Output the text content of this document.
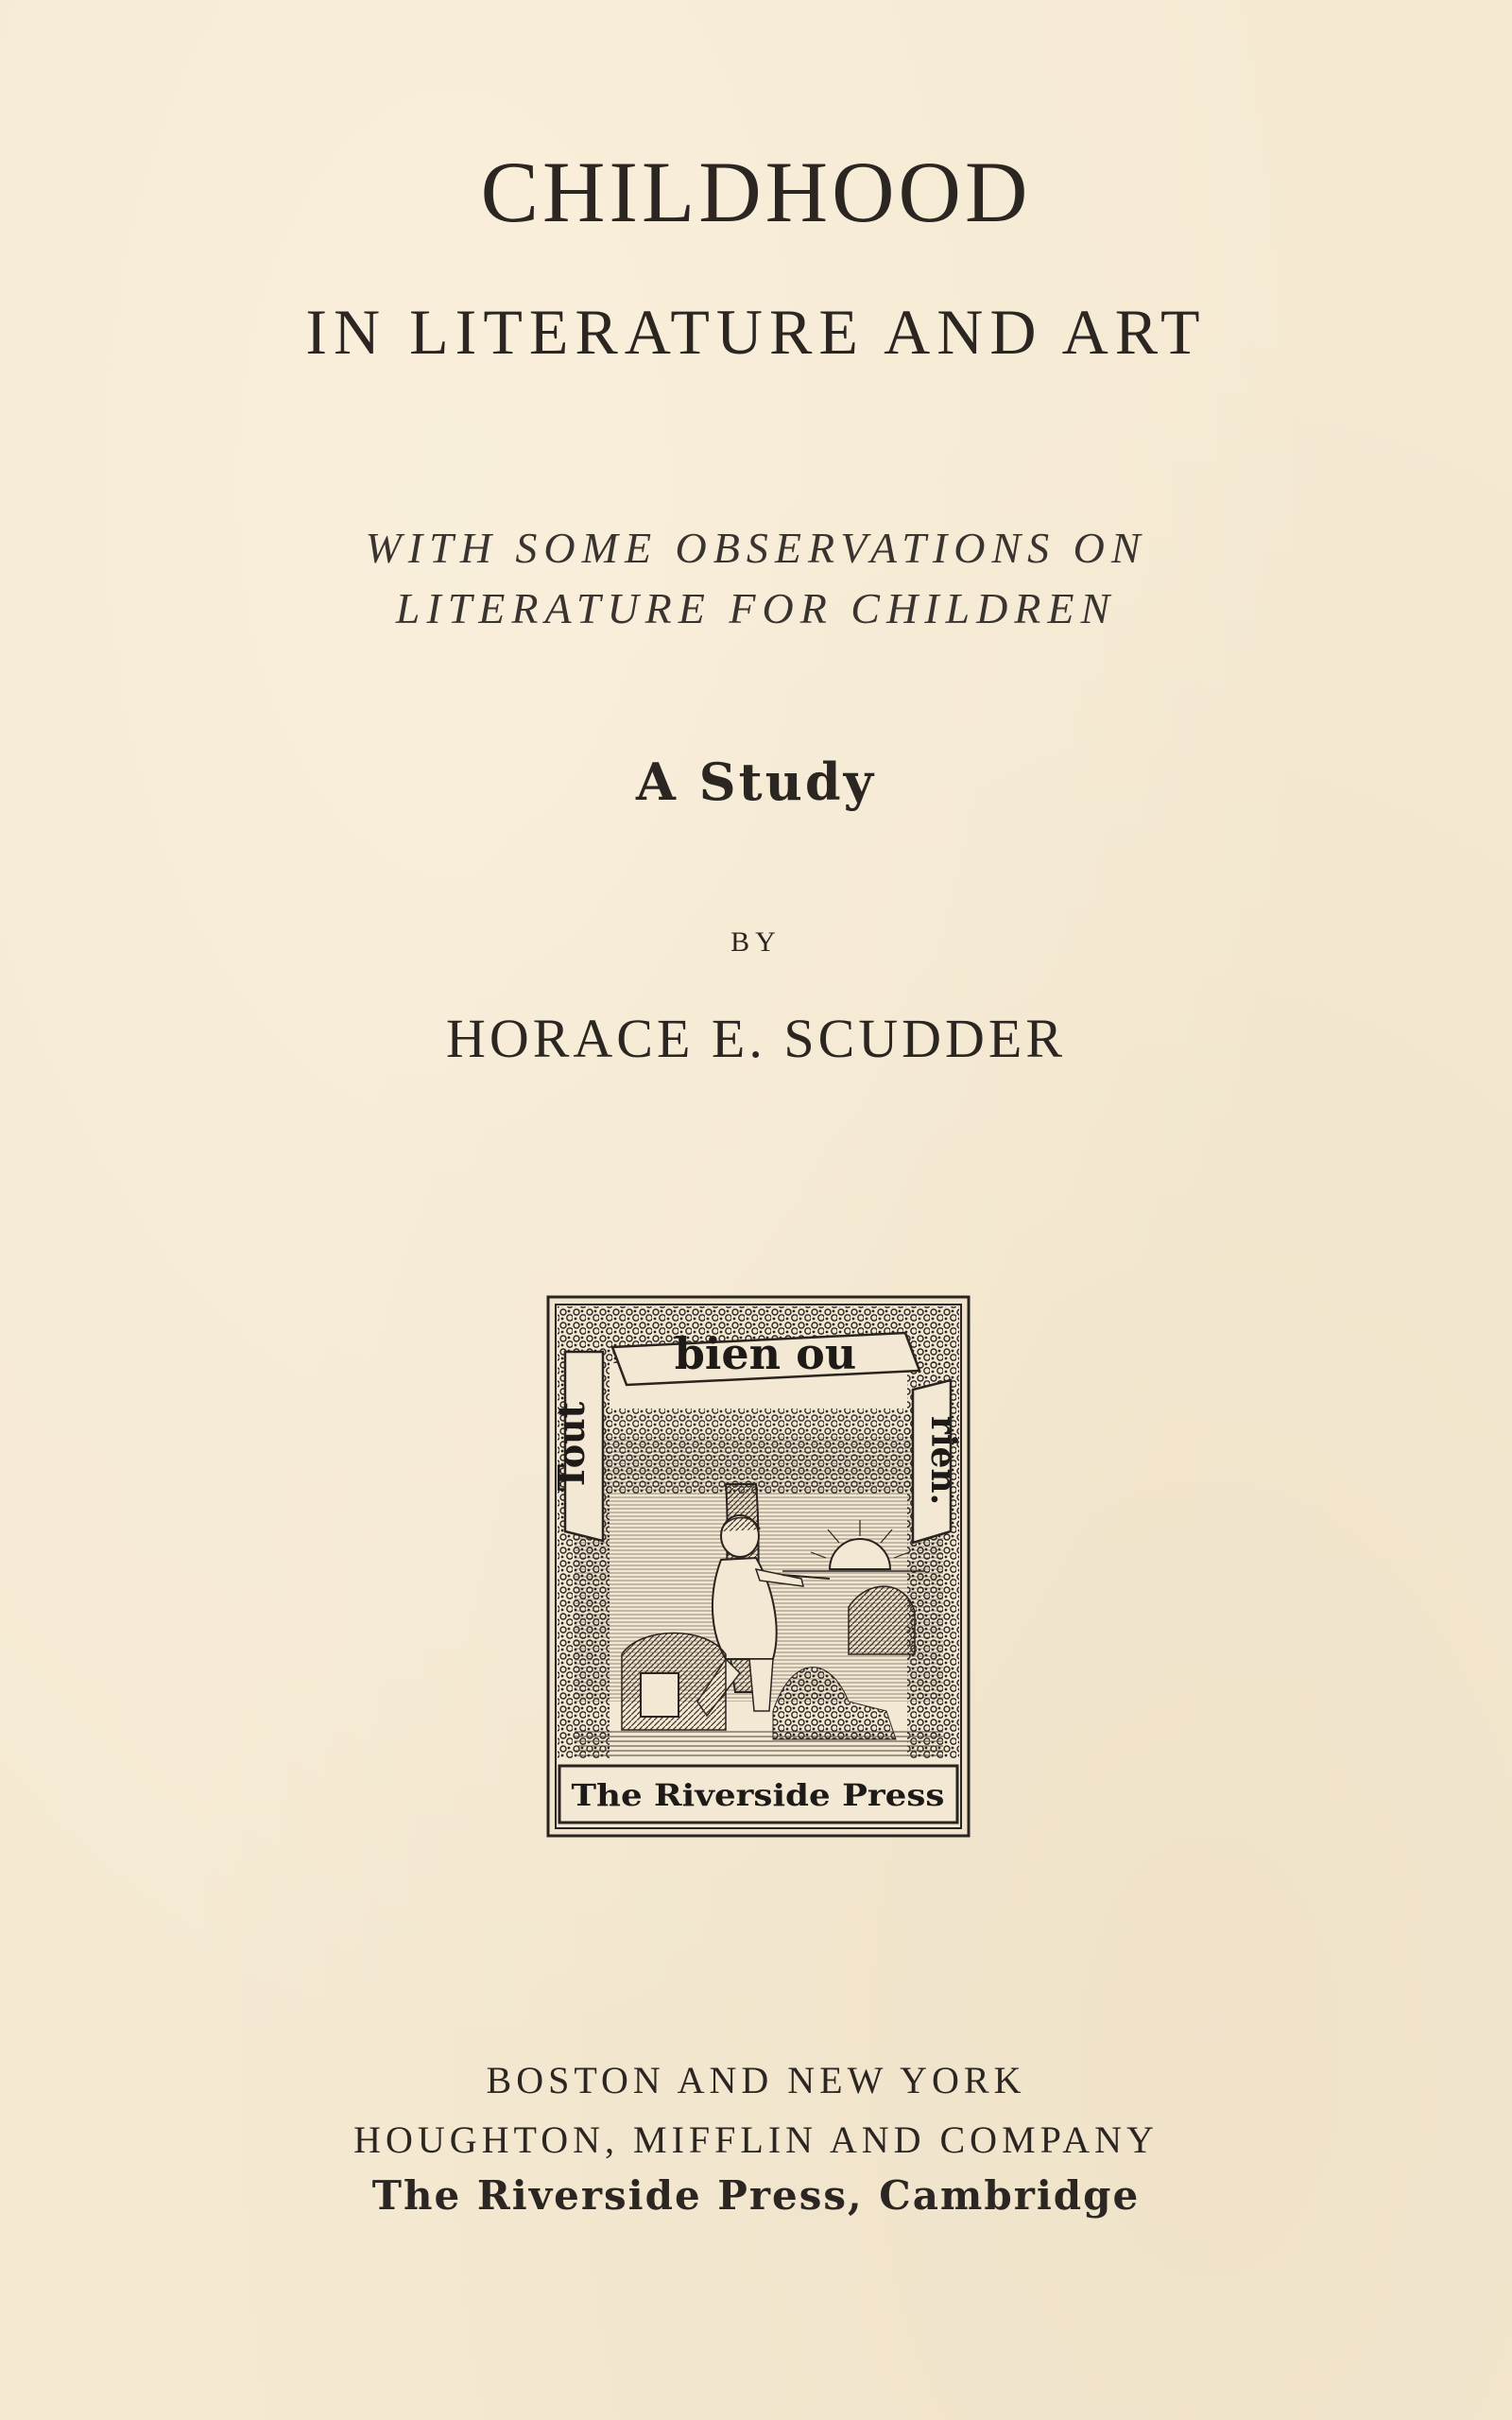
CHILDHOOD
IN LITERATURE AND ART
WITH SOME OBSERVATIONS ON
LITERATURE FOR CHILDREN
A Study
BY
HORACE E. SCUDDER
bien ou
Tout	rien.
The Riverside Press
BOSTON AND NEW YORK
HOUGHTON, MIFFLIN AND COMPANY
The Riverside Press, Cambridge
